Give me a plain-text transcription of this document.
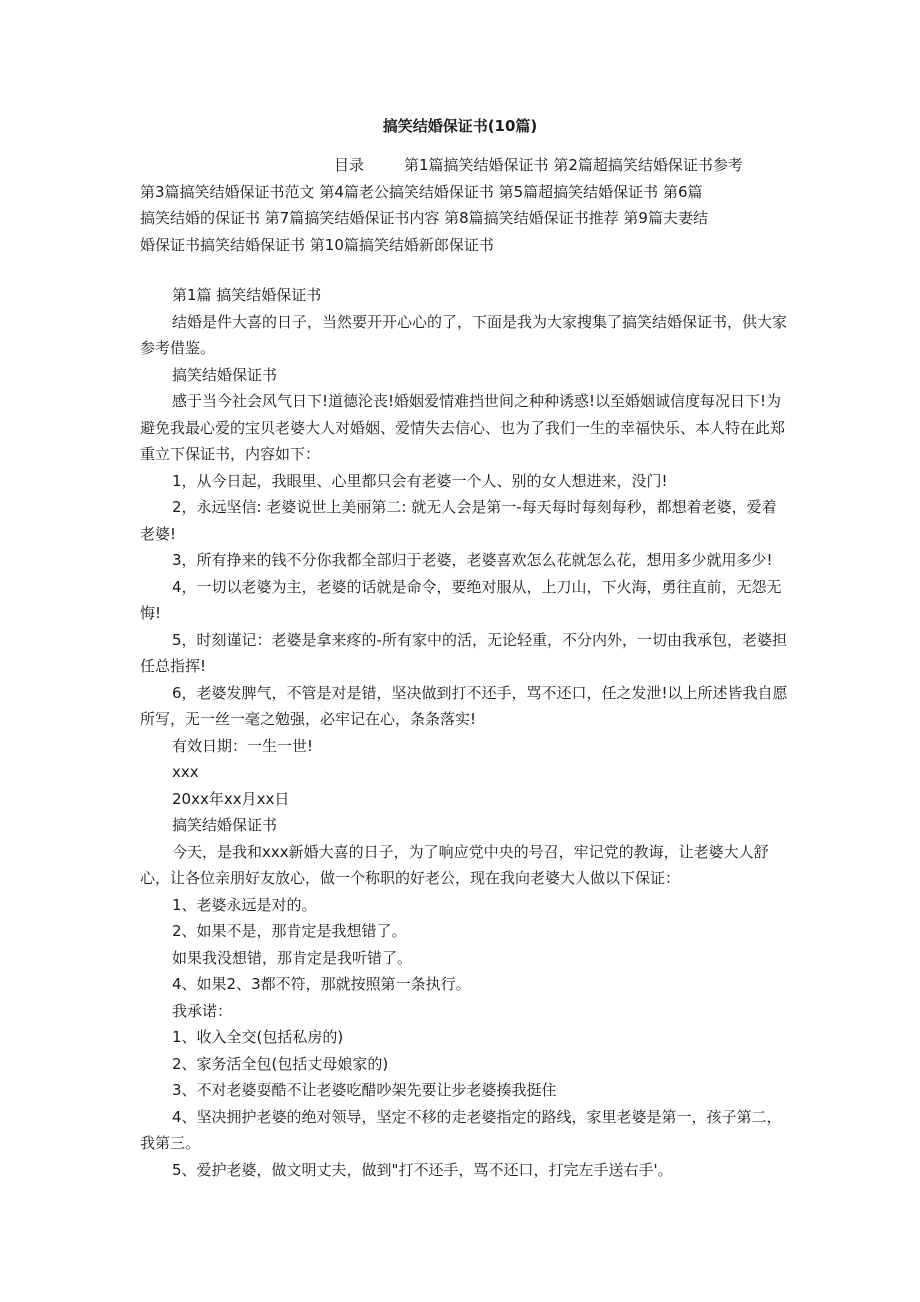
搞笑结婚保证书(10篇)
目录	第1篇搞笑结婚保证书 第2篇超搞笑结婚保证书参考
第3篇搞笑结婚保证书范文 第4篇老公搞笑结婚保证书 第5篇超搞笑结婚保证书 第6篇
搞笑结婚的保证书 第7篇搞笑结婚保证书内容 第8篇搞笑结婚保证书推荐 第9篇夫妻结
婚保证书搞笑结婚保证书 第10篇搞笑结婚新郎保证书

第1篇 搞笑结婚保证书

结婚是件大喜的日子，当然要开开心心的了，下面是我为大家搜集了搞笑结婚保证书，供大家参考借鉴。

搞笑结婚保证书

感于当今社会风气日下!道德沦丧!婚姻爱情难挡世间之种种诱惑!以至婚姻诚信度每况日下!为避免我最心爱的宝贝老婆大人对婚姻、爱情失去信心、也为了我们一生的幸福快乐、本人特在此郑重立下保证书，内容如下：

1，从今日起，我眼里、心里都只会有老婆一个人、别的女人想进来，没门!

2，永远坚信: 老婆说世上美丽第二: 就无人会是第一-每天每时每刻每秒，都想着老婆，爱着老婆!

3，所有挣来的钱不分你我都全部归于老婆，老婆喜欢怎么花就怎么花，想用多少就用多少!

4，一切以老婆为主，老婆的话就是命令，要绝对服从，上刀山，下火海，勇往直前，无怨无悔!

5，时刻谨记：老婆是拿来疼的-所有家中的活，无论轻重，不分内外，一切由我承包，老婆担任总指挥!

6，老婆发脾气，不管是对是错，坚决做到打不还手，骂不还口，任之发泄!以上所述皆我自愿所写，无一丝一毫之勉强，必牢记在心，条条落实!

有效日期：一生一世!

xxx

20xx年xx月xx日

搞笑结婚保证书

今天，是我和xxx新婚大喜的日子，为了响应党中央的号召，牢记党的教诲，让老婆大人舒心，让各位亲朋好友放心，做一个称职的好老公，现在我向老婆大人做以下保证：

1、老婆永远是对的。

2、如果不是，那肯定是我想错了。

如果我没想错，那肯定是我听错了。

4、如果2、3都不符，那就按照第一条执行。

我承诺：

1、收入全交(包括私房的)

2、家务活全包(包括丈母娘家的)

3、不对老婆耍酷不让老婆吃醋吵架先要让步老婆揍我挺住

4、坚决拥护老婆的绝对领导，坚定不移的走老婆指定的路线，家里老婆是第一，孩子第二，我第三。

5、爱护老婆，做文明丈夫，做到"打不还手，骂不还口，打完左手送右手'。
